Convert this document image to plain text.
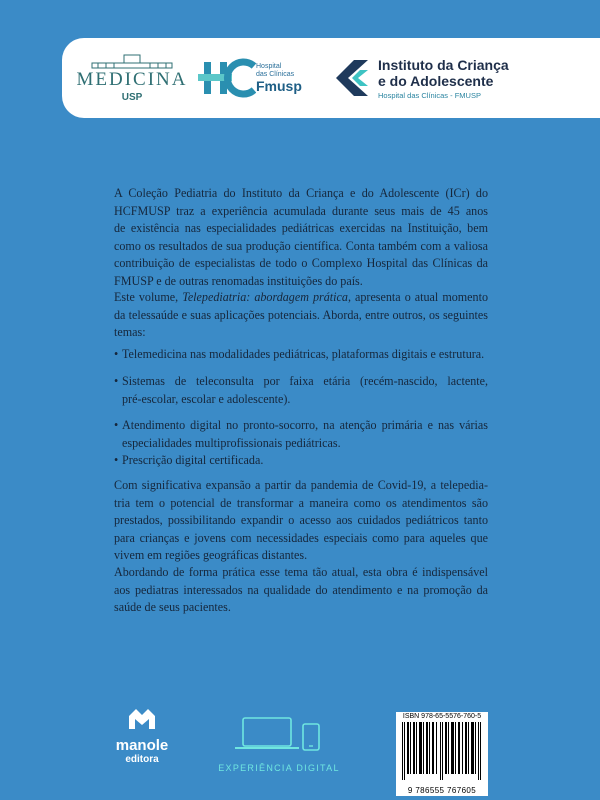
MEDICINA
USP
Hospital
das Clínicas
Fmusp
Instituto da Criança
e do Adolescente
Hospital das Clínicas - FMUSP
A Coleção Pediatria do Instituto da Criança e do Adolescente (ICr) do
HCFMUSP traz a experiência acumulada durante seus mais de 45 anos
de existência nas especialidades pediátricas exercidas na Instituição, bem
como os resultados de sua produção científica. Conta também com a valiosa
contribuição de especialistas de todo o Complexo Hospital das Clínicas da
FMUSP e de outras renomadas instituições do país.
Este volume, Telepediatria: abordagem prática, apresenta o atual momento
da telessaúde e suas aplicações potenciais. Aborda, entre outros, os seguintes
temas:
• Telemedicina nas modalidades pediátricas, plataformas digitais e estrutura.
• Sistemas de teleconsulta por faixa etária (recém-nascido, lactente,
pré-escolar, escolar e adolescente).
• Atendimento digital no pronto-socorro, na atenção primária e nas várias
especialidades multiprofissionais pediátricas.
• Prescrição digital certificada.
Com significativa expansão a partir da pandemia de Covid-19, a telepedia-
tria tem o potencial de transformar a maneira como os atendimentos são
prestados, possibilitando expandir o acesso aos cuidados pediátricos tanto
para crianças e jovens com necessidades especiais como para aqueles que
vivem em regiões geográficas distantes.
Abordando de forma prática esse tema tão atual, esta obra é indispensável
aos pediatras interessados na qualidade do atendimento e na promoção da
saúde de seus pacientes.
manole
editora
EXPERIÊNCIA DIGITAL
ISBN 978-65-5576-760-5
9 786555 767605
